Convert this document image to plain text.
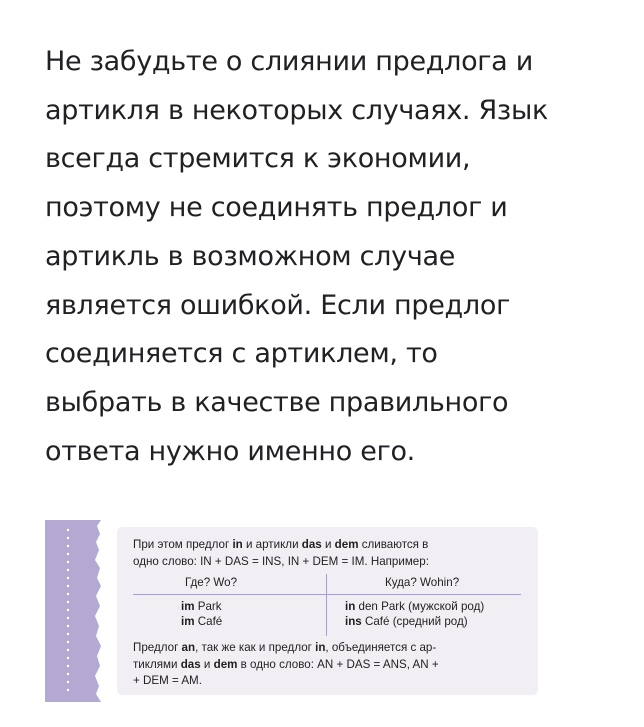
Не забудьте о слиянии предлога и
артикля в некоторых случаях. Язык
всегда стремится к экономии,
поэтому не соединять предлог и
артикль в возможном случае
является ошибкой. Если предлог
соединяется с артиклем, то
выбрать в качестве правильного
ответа нужно именно его.
При этом предлог in и артикли das и dem сливаются в
одно слово: IN + DAS = INS, IN + DEM = IM. Например:
Где? Wo?	Куда? Wohin?
im Park
im Café
in den Park (мужской род)
ins Café (средний род)
Предлог an, так же как и предлог in, объединяется с ар-
тиклями das и dem в одно слово: AN + DAS = ANS, AN +
+ DEM = AM.
